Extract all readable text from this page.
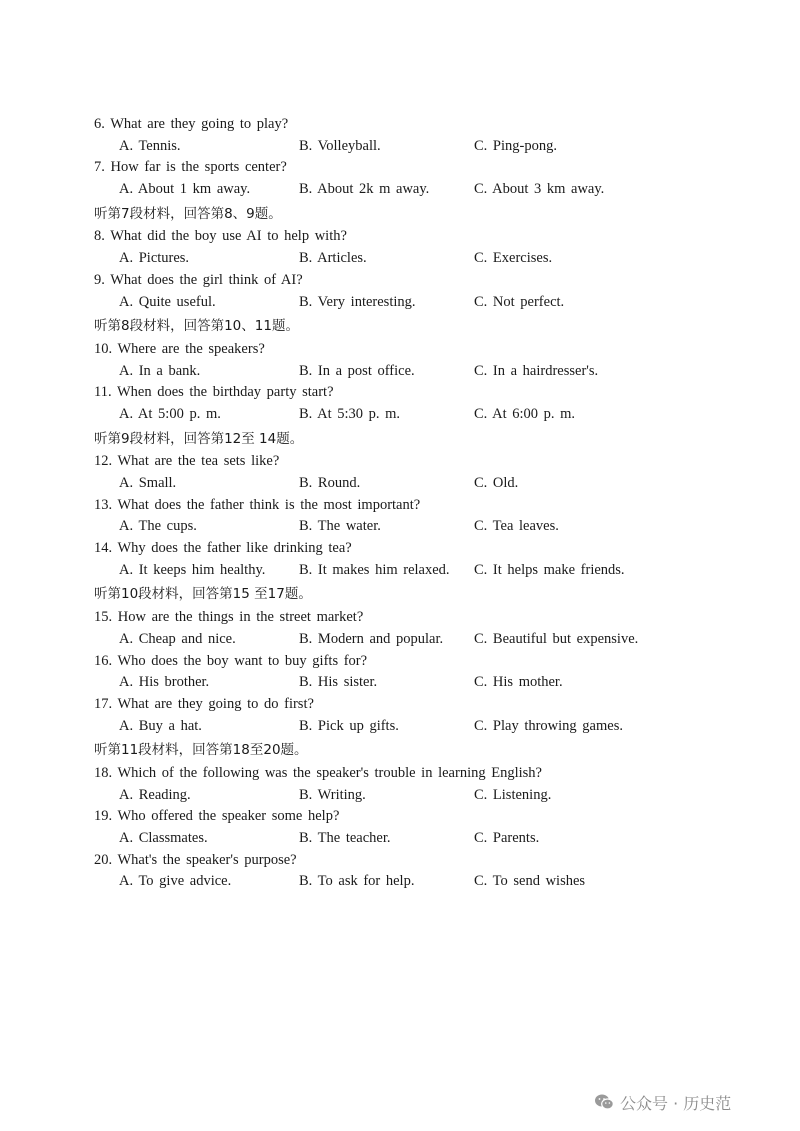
6. What are they going to play?
A. Tennis.	B. Volleyball.	C. Ping-pong.
7. How far is the sports center?
A. About 1 km away.	B. About 2k m away.	C. About 3 km away.
听第7段材料，回答第8、9题。
8. What did the boy use AI to help with?
A. Pictures.	B. Articles.	C. Exercises.
9. What does the girl think of AI?
A. Quite useful.	B. Very interesting.	C. Not perfect.
听第8段材料，回答第10、11题。
10. Where are the speakers?
A. In a bank.	B. In a post office.	C. In a hairdresser's.
11. When does the birthday party start?
A. At 5:00 p. m.	B. At 5:30 p. m.	C. At 6:00 p. m.
听第9段材料，回答第12至 14题。
12. What are the tea sets like?
A. Small.	B. Round.	C. Old.
13. What does the father think is the most important?
A. The cups.	B. The water.	C. Tea leaves.
14. Why does the father like drinking tea?
A. It keeps him healthy. B. It makes him relaxed. C. It helps make friends.
听第10段材料，回答第15 至17题。
15. How are the things in the street market?
A. Cheap and nice.	B. Modern and popular. C. Beautiful but expensive.
16. Who does the boy want to buy gifts for?
A. His brother.	B. His sister.	C. His mother.
17. What are they going to do first?
A. Buy a hat.	B. Pick up gifts.	C. Play throwing games.
听第11段材料，回答第18至20题。
18. Which of the following was the speaker's trouble in learning English?
A. Reading.	B. Writing.	C. Listening.
19. Who offered the speaker some help?
A. Classmates.	B. The teacher.	C. Parents.
20. What's the speaker's purpose?
A. To give advice.	B. To ask for help.	C. To send wishes
公众号 · 历史范
